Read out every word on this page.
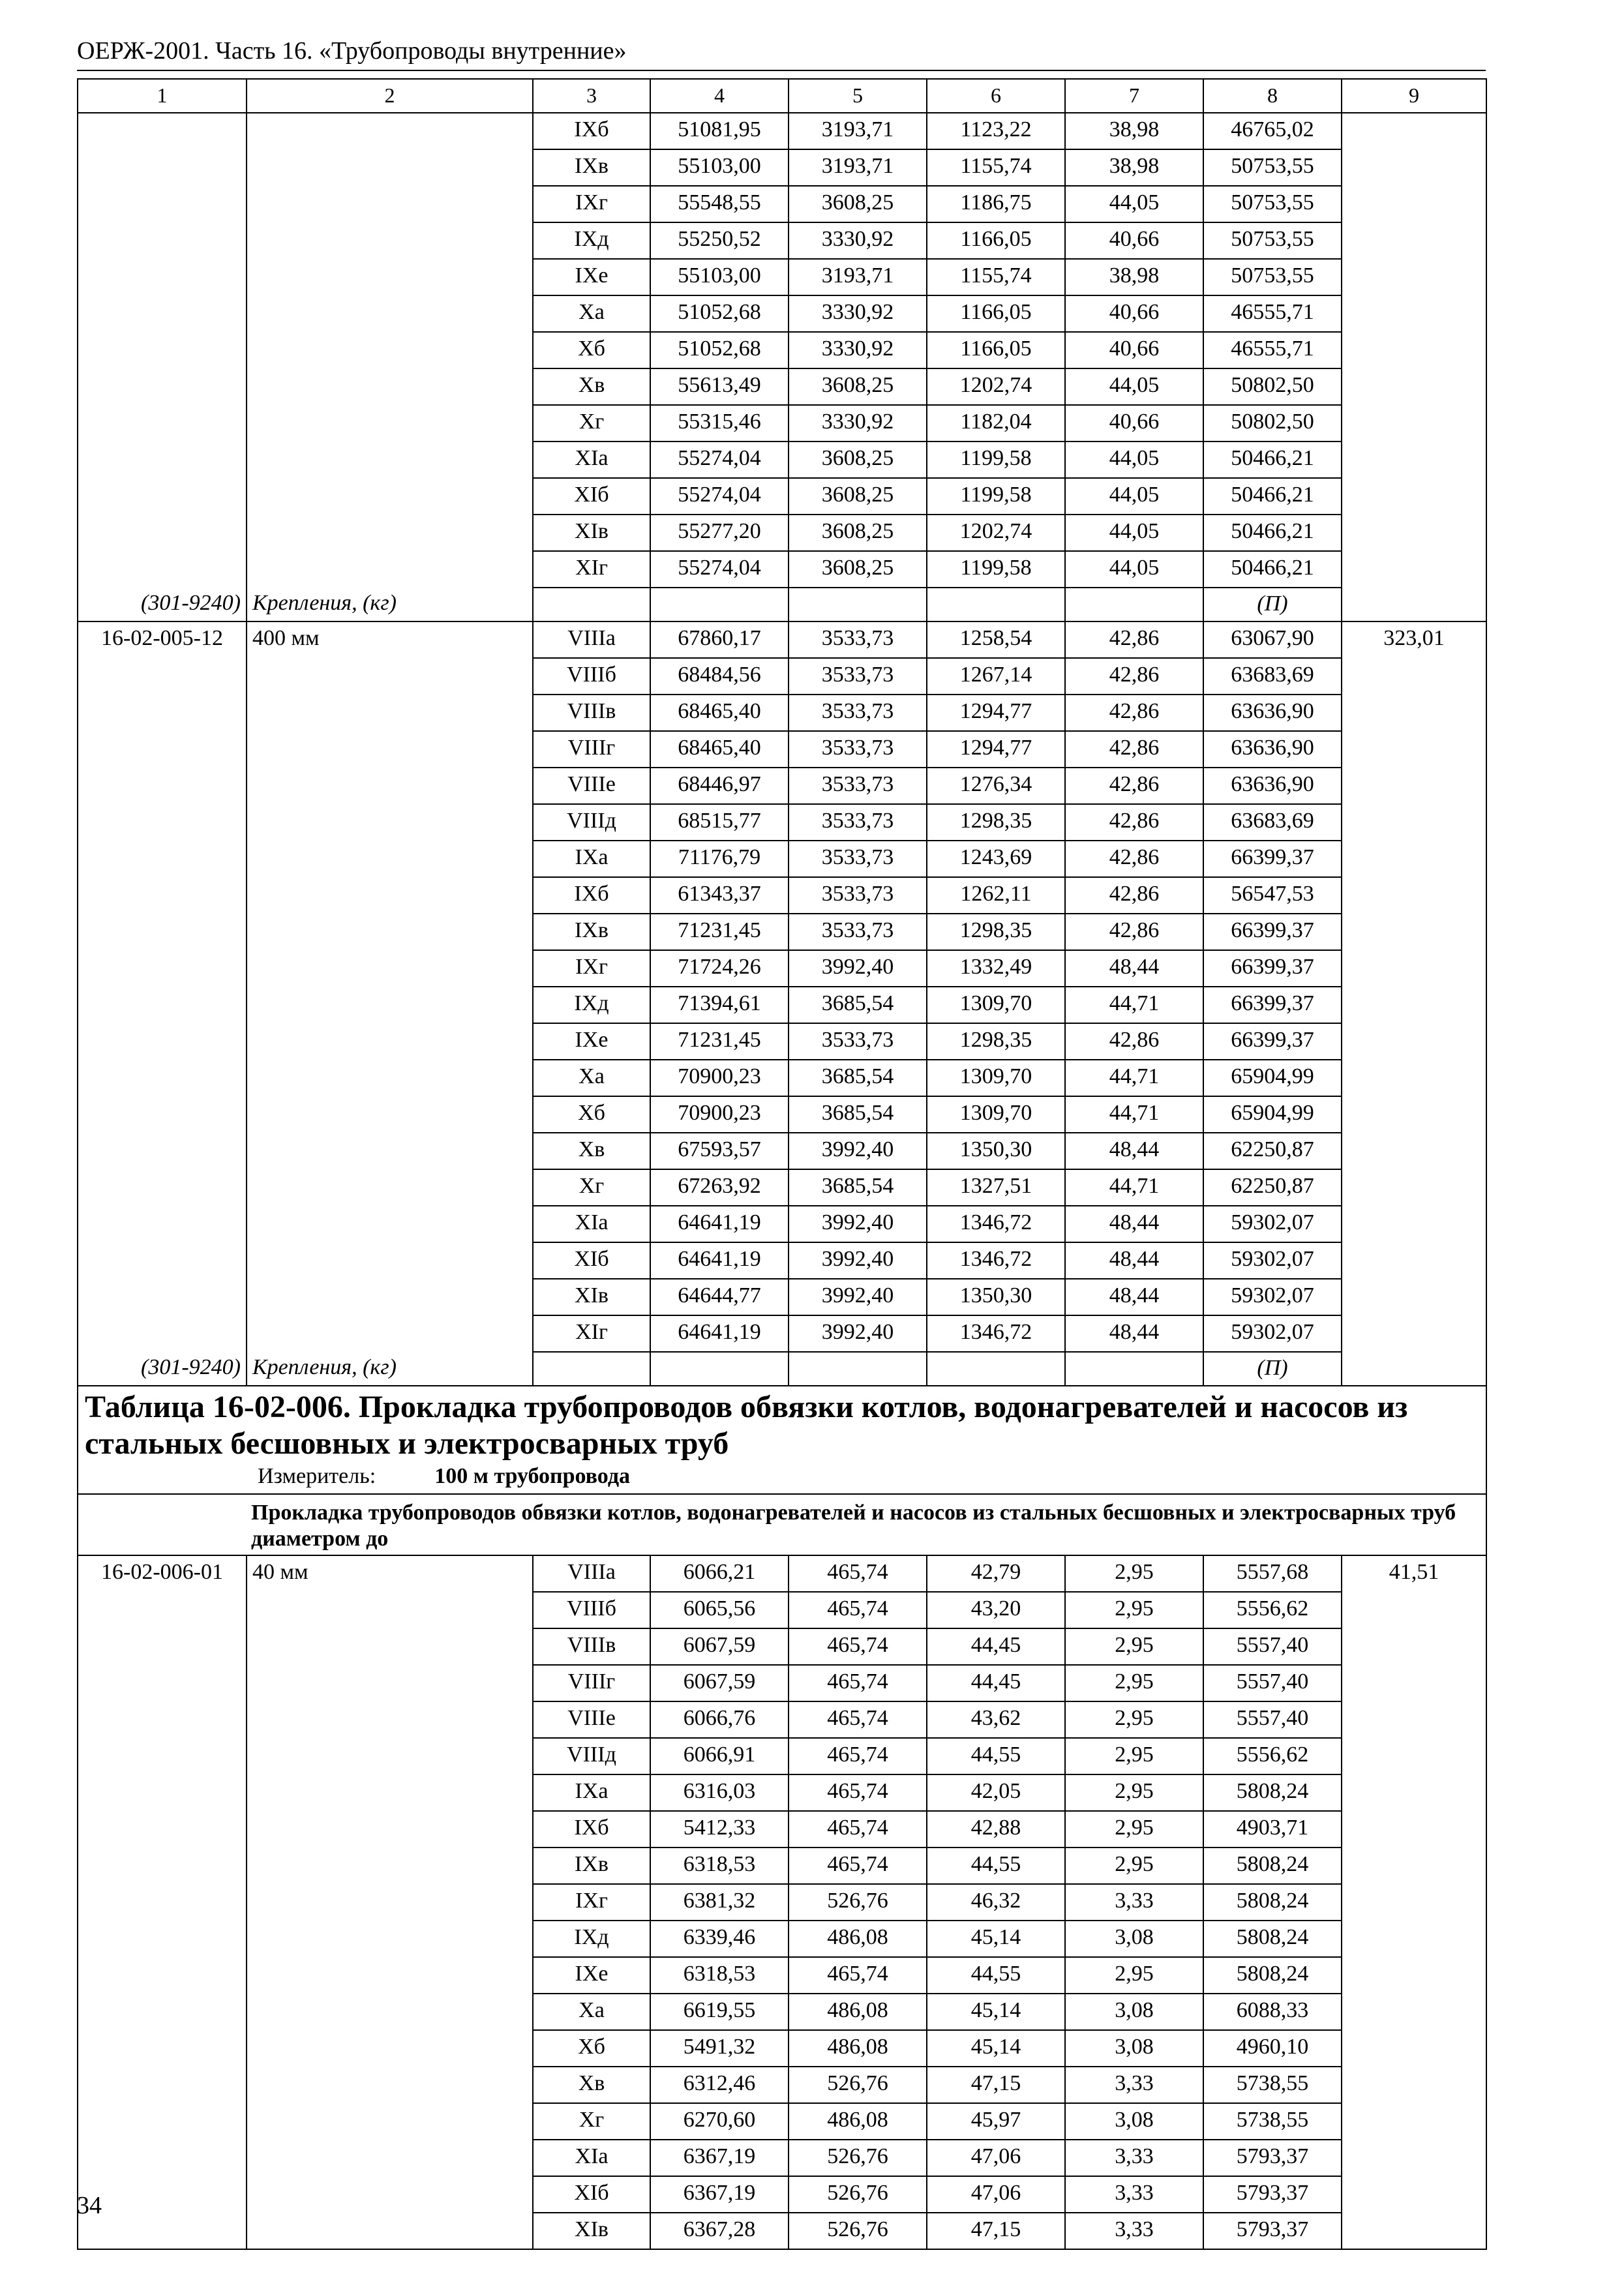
ОЕРЖ-2001. Часть 16. «Трубопроводы внутренние»
1	2	3	4	5	6	7	8	9
		IXб	51081,95	3193,71	1123,22	38,98	46765,02	
		IXв	55103,00	3193,71	1155,74	38,98	50753,55	
		IXг	55548,55	3608,25	1186,75	44,05	50753,55	
		IXд	55250,52	3330,92	1166,05	40,66	50753,55	
		IXе	55103,00	3193,71	1155,74	38,98	50753,55	
		Xа	51052,68	3330,92	1166,05	40,66	46555,71	
		Xб	51052,68	3330,92	1166,05	40,66	46555,71	
		Xв	55613,49	3608,25	1202,74	44,05	50802,50	
		Xг	55315,46	3330,92	1182,04	40,66	50802,50	
		XIа	55274,04	3608,25	1199,58	44,05	50466,21	
		XIб	55274,04	3608,25	1199,58	44,05	50466,21	
		XIв	55277,20	3608,25	1202,74	44,05	50466,21	
		XIг	55274,04	3608,25	1199,58	44,05	50466,21	
(301-9240)	Крепления, (кг)						(П)	
16-02-005-12	400 мм	VIIIа	67860,17	3533,73	1258,54	42,86	63067,90	323,01
		VIIIб	68484,56	3533,73	1267,14	42,86	63683,69	
		VIIIв	68465,40	3533,73	1294,77	42,86	63636,90	
		VIIIг	68465,40	3533,73	1294,77	42,86	63636,90	
		VIIIе	68446,97	3533,73	1276,34	42,86	63636,90	
		VIIIд	68515,77	3533,73	1298,35	42,86	63683,69	
		IXа	71176,79	3533,73	1243,69	42,86	66399,37	
		IXб	61343,37	3533,73	1262,11	42,86	56547,53	
		IXв	71231,45	3533,73	1298,35	42,86	66399,37	
		IXг	71724,26	3992,40	1332,49	48,44	66399,37	
		IXд	71394,61	3685,54	1309,70	44,71	66399,37	
		IXе	71231,45	3533,73	1298,35	42,86	66399,37	
		Xа	70900,23	3685,54	1309,70	44,71	65904,99	
		Xб	70900,23	3685,54	1309,70	44,71	65904,99	
		Xв	67593,57	3992,40	1350,30	48,44	62250,87	
		Xг	67263,92	3685,54	1327,51	44,71	62250,87	
		XIа	64641,19	3992,40	1346,72	48,44	59302,07	
		XIб	64641,19	3992,40	1346,72	48,44	59302,07	
		XIв	64644,77	3992,40	1350,30	48,44	59302,07	
		XIг	64641,19	3992,40	1346,72	48,44	59302,07	
(301-9240)	Крепления, (кг)						(П)	

Таблица 16-02-006. Прокладка трубопроводов обвязки котлов, водонагревателей и насосов из стальных бесшовных и электросварных труб
Измеритель: 100 м трубопровода								

Прокладка трубопроводов обвязки котлов, водонагревателей и насосов из стальных бесшовных и электросварных труб диаметром до								
16-02-006-01	40 мм	VIIIа	6066,21	465,74	42,79	2,95	5557,68	41,51
		VIIIб	6065,56	465,74	43,20	2,95	5556,62	
		VIIIв	6067,59	465,74	44,45	2,95	5557,40	
		VIIIг	6067,59	465,74	44,45	2,95	5557,40	
		VIIIе	6066,76	465,74	43,62	2,95	5557,40	
		VIIIд	6066,91	465,74	44,55	2,95	5556,62	
		IXа	6316,03	465,74	42,05	2,95	5808,24	
		IXб	5412,33	465,74	42,88	2,95	4903,71	
		IXв	6318,53	465,74	44,55	2,95	5808,24	
		IXг	6381,32	526,76	46,32	3,33	5808,24	
		IXд	6339,46	486,08	45,14	3,08	5808,24	
		IXе	6318,53	465,74	44,55	2,95	5808,24	
		Xа	6619,55	486,08	45,14	3,08	6088,33	
		Xб	5491,32	486,08	45,14	3,08	4960,10	
		Xв	6312,46	526,76	47,15	3,33	5738,55	
		Xг	6270,60	486,08	45,97	3,08	5738,55	
		XIа	6367,19	526,76	47,06	3,33	5793,37	
		XIб	6367,19	526,76	47,06	3,33	5793,37	
		XIв	6367,28	526,76	47,15	3,33	5793,37	
34
